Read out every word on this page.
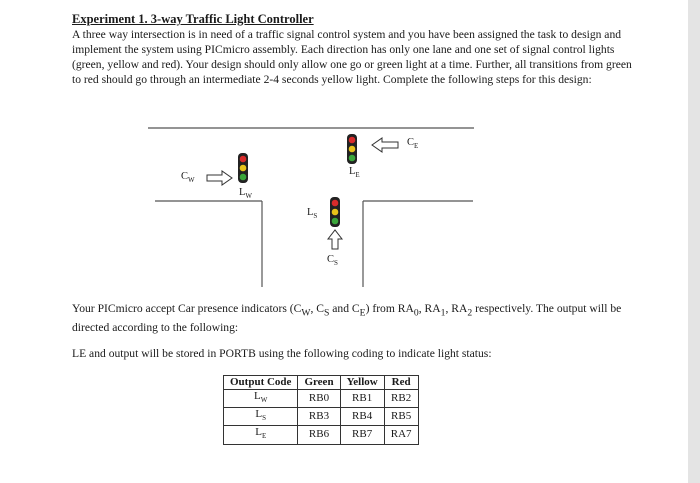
Experiment 1. 3-way Traffic Light Controller
A three way intersection is in need of a traffic signal control system and you have been assigned the task to design and implement the system using PICmicro assembly. Each direction has only one lane and one set of signal control lights (green, yellow and red). Your design should only allow one go or green light at a time. Further, all transitions from green to red should go through an intermediate 2-4 seconds yellow light. Complete the following steps for this design:
$C_W$
$L_W$
$C_E$
$L_E$
$L_S$
$C_S$
Your PICmicro accept Car presence indicators ($C_W$, $C_S$ and $C_E$) from $RA_0$, $RA_1$, $RA_2$ respectively. The output will be directed according to the following:
LE and output will be stored in PORTB using the following coding to indicate light status:
Output Code	Green	Yellow	Red
$L_W$	RB0	RB1	RB2
$L_S$	RB3	RB4	RB5
$L_E$	RB6	RB7	RA7
